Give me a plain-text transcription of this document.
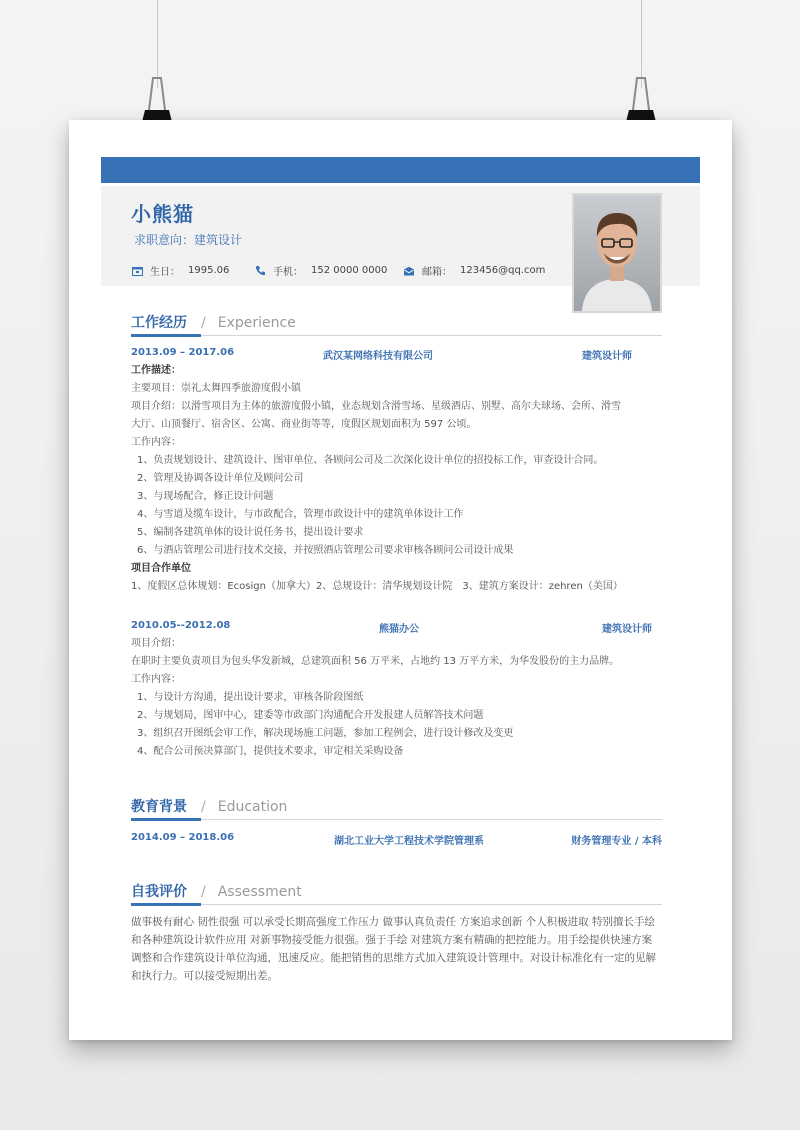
小熊猫
求职意向：建筑设计
生日： 1995.06	手机： 152 0000 0000	邮箱： 123456@qq.com
工作经历 / Experience
2013.09 – 2017.06	武汉某网络科技有限公司	建筑设计师

工作描述：

主要项目：崇礼太舞四季旅游度假小镇

项目介绍：以滑雪项目为主体的旅游度假小镇，业态规划含滑雪场、星级酒店、别墅、高尔夫球场、会所、滑雪

大厅、山顶餐厅、宿舍区、公寓、商业街等等，度假区规划面积为 597 公顷。

工作内容：

1、负责规划设计、建筑设计、图审单位、各顾问公司及二次深化设计单位的招投标工作，审查设计合同。

2、管理及协调各设计单位及顾问公司

3、与现场配合，修正设计问题

4、与雪道及缆车设计，与市政配合，管理市政设计中的建筑单体设计工作

5、编制各建筑单体的设计说任务书，提出设计要求

6、与酒店管理公司进行技术交接，并按照酒店管理公司要求审核各顾问公司设计成果

项目合作单位

1、度假区总体规划：Ecosign（加拿大）2、总规设计：清华规划设计院　3、建筑方案设计：zehren（美国）

2010.05--2012.08	熊猫办公	建筑设计师

项目介绍：

在职时主要负责项目为包头华发新城，总建筑面积 56 万平米，占地约 13 万平方米，为华发股份的主力品牌。

工作内容：

1、与设计方沟通，提出设计要求，审核各阶段图纸

2、与规划局，图审中心，建委等市政部门沟通配合开发报建人员解答技术问题

3、组织召开图纸会审工作，解决现场施工问题，参加工程例会，进行设计修改及变更

4、配合公司预决算部门，提供技术要求，审定相关采购设备

教育背景 / Education
2014.09 – 2018.06	湖北工业大学工程技术学院管理系	财务管理专业 / 本科
自我评价 / Assessment
做事极有耐心 韧性很强 可以承受长期高强度工作压力 做事认真负责任 方案追求创新 个人积极进取 特别擅长手绘和各种建筑设计软件应用 对新事物接受能力很强。强于手绘 对建筑方案有精确的把控能力。用手绘提供快速方案调整和合作建筑设计单位沟通，迅速反应。能把销售的思维方式加入建筑设计管理中。对设计标准化有一定的见解和执行力。可以接受短期出差。
